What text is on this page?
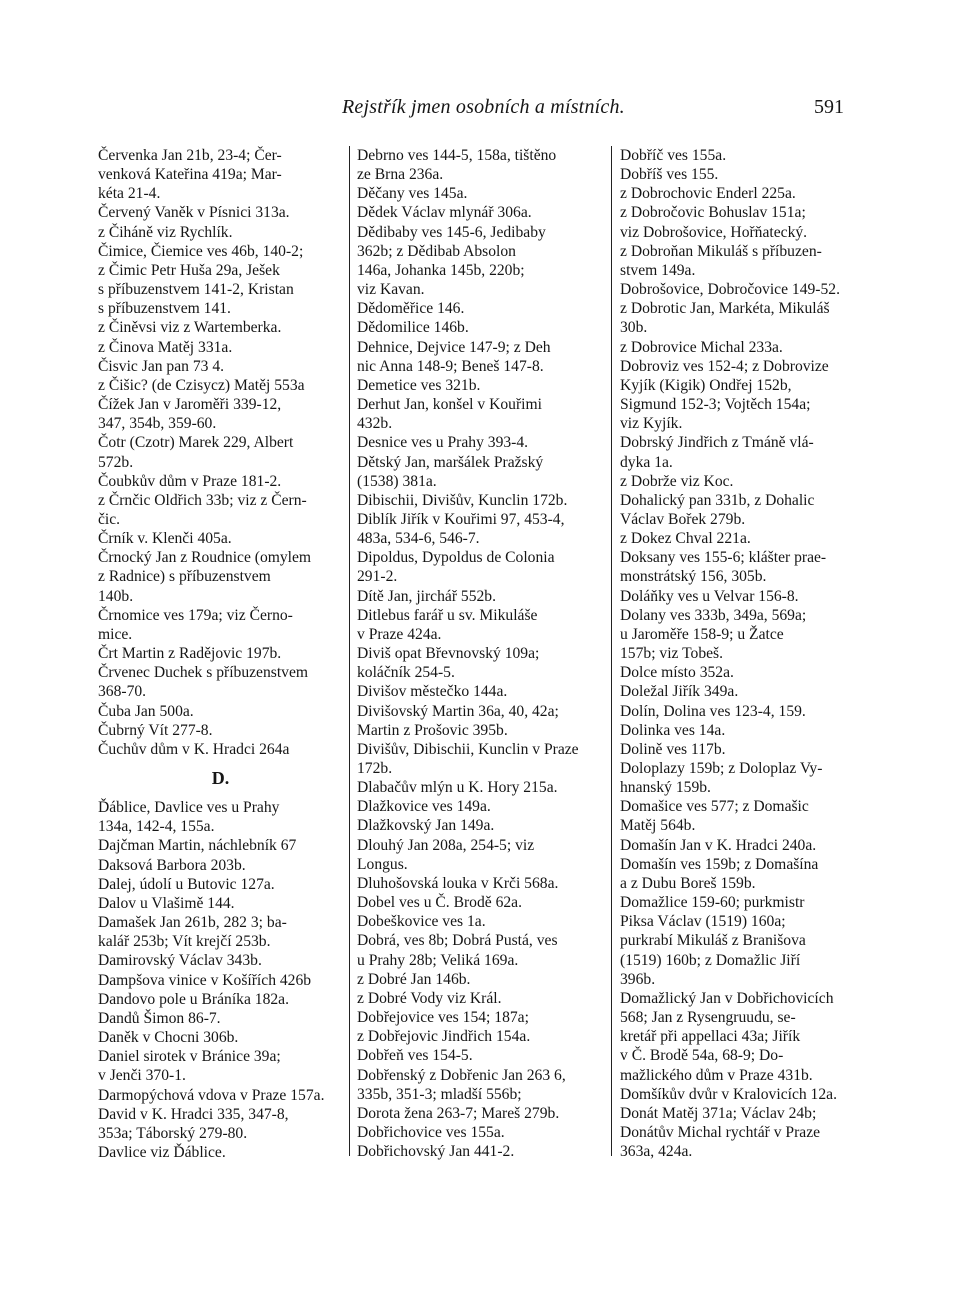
Rejstřík jmen osobních a místních.	591
Červenka Jan 21b, 23-4; Čer-
venková Kateřina 419a; Mar-
kéta 21-4.
Červený Vaněk v Písnici 313a.
z Čiháně viz Rychlík.
Čimice, Čiemice ves 46b, 140-2;
z Čimic Petr Huša 29a, Ješek
s příbuzenstvem 141-2, Kristan
s příbuzenstvem 141.
z Činěvsi viz z Wartemberka.
z Činova Matěj 331a.
Čisvic Jan pan 73 4.
z Čišic? (de Czisycz) Matěj 553a
Čížek Jan v Jaroměři 339-12,
347, 354b, 359-60.
Čotr (Czotr) Marek 229, Albert
572b.
Čoubkův dům v Praze 181-2.
z Črnčic Oldřich 33b; viz z Čern-
čic.
Črník v. Klenči 405a.
Črnocký Jan z Roudnice (omylem
z Radnice) s příbuzenstvem
140b.
Črnomice ves 179a; viz Černo-
mice.
Črt Martin z Radějovic 197b.
Črvenec Duchek s příbuzenstvem
368-70.
Čuba Jan 500a.
Čubrný Vít 277-8.
Čuchův dům v K. Hradci 264a
D.
Ďáblice, Davlice ves u Prahy
134a, 142-4, 155a.
Dajčman Martin, náchlebník 67
Daksová Barbora 203b.
Dalej, údolí u Butovic 127a.
Dalov u Vlašimě 144.
Damašek Jan 261b, 282 3; ba-
kalář 253b; Vít krejčí 253b.
Damirovský Václav 343b.
Dampšova vinice v Košířích 426b
Dandovo pole u Bráníka 182a.
Dandů Šimon 86-7.
Daněk v Chocni 306b.
Daniel sirotek v Bránice 39a;
v Jenči 370-1.
Darmopýchová vdova v Praze 157a.
David v K. Hradci 335, 347-8,
353a; Táborský 279-80.
Davlice viz Ďáblice.
Debrno ves 144-5, 158a, tištěno
ze Brna 236a.
Děčany ves 145a.
Dědek Václav mlynář 306a.
Dědibaby ves 145-6, Jedibaby
362b; z Dědibab Absolon
146a, Johanka 145b, 220b;
viz Kavan.
Dědoměřice 146.
Dědomilice 146b.
Dehnice, Dejvice 147-9; z Deh
nic Anna 148-9; Beneš 147-8.
Demetice ves 321b.
Derhut Jan, konšel v Kouřimi
432b.
Desnice ves u Prahy 393-4.
Dětský Jan, maršálek Pražský
(1538) 381a.
Dibischii, Divišův, Kunclin 172b.
Diblík Jiřík v Kouřimi 97, 453-4,
483a, 534-6, 546-7.
Dipoldus, Dypoldus de Colonia
291-2.
Dítě Jan, jirchář 552b.
Ditlebus farář u sv. Mikuláše
v Praze 424a.
Diviš opat Břevnovský 109a;
koláčník 254-5.
Divišov městečko 144a.
Divišovský Martin 36a, 40, 42a;
Martin z Prošovic 395b.
Divišův, Dibischii, Kunclin v Praze
172b.
Dlabačův mlýn u K. Hory 215a.
Dlažkovice ves 149a.
Dlažkovský Jan 149a.
Dlouhý Jan 208a, 254-5; viz
Longus.
Dluhošovská louka v Krči 568a.
Dobel ves u Č. Brodě 62a.
Dobeškovice ves 1a.
Dobrá, ves 8b; Dobrá Pustá, ves
u Prahy 28b; Veliká 169a.
z Dobré Jan 146b.
z Dobré Vody viz Král.
Dobřejovice ves 154; 187a;
z Dobřejovic Jindřich 154a.
Dobřeň ves 154-5.
Dobřenský z Dobřenic Jan 263 6,
335b, 351-3; mladší 556b;
Dorota žena 263-7; Mareš 279b.
Dobřichovice ves 155a.
Dobřichovský Jan 441-2.
Dobříč ves 155a.
Dobříš ves 155.
z Dobrochovic Enderl 225a.
z Dobročovic Bohuslav 151a;
viz Dobrošovice, Hořňatecký.
z Dobroňan Mikuláš s příbuzen-
stvem 149a.
Dobrošovice, Dobročovice 149-52.
z Dobrotic Jan, Markéta, Mikuláš
30b.
z Dobrovice Michal 233a.
Dobroviz ves 152-4; z Dobrovize
Kyjík (Kigik) Ondřej 152b,
Sigmund 152-3; Vojtěch 154a;
viz Kyjík.
Dobrský Jindřich z Tmáně vlá-
dyka 1a.
z Dobrže viz Koc.
Dohalický pan 331b, z Dohalic
Václav Bořek 279b.
z Dokez Chval 221a.
Doksany ves 155-6; klášter prae-
monstrátský 156, 305b.
Doláňky ves u Velvar 156-8.
Dolany ves 333b, 349a, 569a;
u Jaroměře 158-9; u Žatce
157b; viz Tobeš.
Dolce místo 352a.
Doležal Jiřík 349a.
Dolín, Dolina ves 123-4, 159.
Dolinka ves 14a.
Dolině ves 117b.
Doloplazy 159b; z Doloplaz Vy-
hnanský 159b.
Domašice ves 577; z Domašic
Matěj 564b.
Domašín Jan v K. Hradci 240a.
Domašín ves 159b; z Domašína
a z Dubu Boreš 159b.
Domažlice 159-60; purkmistr
Piksa Václav (1519) 160a;
purkrabí Mikuláš z Branišova
(1519) 160b; z Domažlic Jiří
396b.
Domažlický Jan v Dobřichovicích
568; Jan z Rysengruudu, se-
kretář při appellaci 43a; Jiřík
v Č. Brodě 54a, 68-9; Do-
mažlického dům v Praze 431b.
Domšíkův dvůr v Kralovicích 12a.
Donát Matěj 371a; Václav 24b;
Donátův Michal rychtář v Praze
363a, 424a.
